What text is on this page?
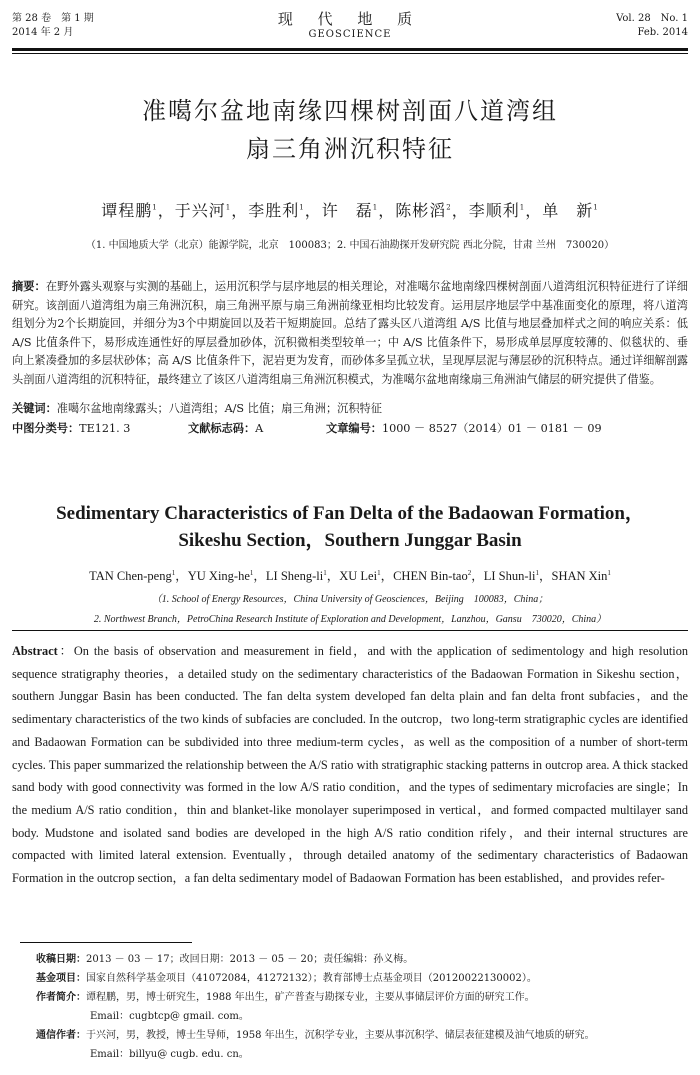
第 28 卷　第 1 期
2014 年 2 月
现 代 地 质
GEOSCIENCE
Vol. 28　No. 1
Feb. 2014
准噶尔盆地南缘四棵树剖面八道湾组
扇三角洲沉积特征
谭程鹏$^1$，于兴河$^1$，李胜利$^1$，许　磊$^1$，陈彬滔$^2$，李顺利$^1$，单　新$^1$
（1. 中国地质大学（北京）能源学院，北京　100083；2. 中国石油勘探开发研究院 西北分院，甘肃 兰州　730020）
摘要：在野外露头观察与实测的基础上，运用沉积学与层序地层的相关理论，对准噶尔盆地南缘四棵树剖面八道湾组沉积特征进行了详细研究。该剖面八道湾组为扇三角洲沉积，扇三角洲平原与扇三角洲前缘亚相均比较发育。运用层序地层学中基准面变化的原理，将八道湾组划分为2个长期旋回，并细分为3个中期旋回以及若干短期旋回。总结了露头区八道湾组 A/S 比值与地层叠加样式之间的响应关系：低 A/S 比值条件下，易形成连通性好的厚层叠加砂体，沉积微相类型较单一；中 A/S 比值条件下，易形成单层厚度较薄的、似毯状的、垂向上紧凑叠加的多层状砂体；高 A/S 比值条件下，泥岩更为发育，而砂体多呈孤立状，呈现厚层泥与薄层砂的沉积特点。通过详细解剖露头剖面八道湾组的沉积特征，最终建立了该区八道湾组扇三角洲沉积模式，为准噶尔盆地南缘扇三角洲油气储层的研究提供了借鉴。
关键词：准噶尔盆地南缘露头；八道湾组；A/S 比值；扇三角洲；沉积特征
中图分类号：TE121. 3	文献标志码：A	文章编号：1000 － 8527（2014）01 － 0181 － 09
Sedimentary Characteristics of Fan Delta of the Badaowan Formation，
Sikeshu Section，Southern Junggar Basin
TAN Chen-peng$^1$，YU Xing-$he^1$，LI Sheng-$li^1$，XU Lei$^1$，CHEN Bin-tao$^2$，LI Shun-$li^1$，SHAN Xin$^1$
（1. School of Energy Resources，China University of Geosciences，Beijing　100083，China；
2. Northwest Branch，PetroChina Research Institute of Exploration and Development，Lanzhou，Gansu　730020，China）
Abstract：On the basis of observation and measurement in field，and with the application of sedimentology and high resolution sequence stratigraphy theories，a detailed study on the sedimentary characteristics of the Badaowan Formation in Sikeshu section，southern Junggar Basin has been conducted. The fan delta system developed fan delta plain and fan delta front subfacies，and the sedimentary characteristics of the two kinds of subfacies are concluded. In the outcrop，two long-term stratigraphic cycles are identified and Badaowan Formation can be subdivided into three medium-term cycles，as well as the composition of a number of short-term cycles. This paper summarized the relationship between the A/S ratio with stratigraphic stacking patterns in outcrop area. A thick stacked sand body with good connectivity was formed in the low A/S ratio condition，and the types of sedimentary microfacies are single；In the medium A/S ratio condition，thin and blanket-like monolayer superimposed in vertical，and formed compacted multilayer sand body. Mudstone and isolated sand bodies are developed in the high A/S ratio condition rifely，and their internal structures are compacted with limited lateral extension. Eventually，through detailed anatomy of the sedimentary characteristics of Badaowan Formation in the outcrop section，a fan delta sedimentary model of Badaowan Formation has been established，and provides refer-
收稿日期： 2013 － 03 － 17；改回日期：2013 － 05 － 20；责任编辑：孙义梅。
基金项目： 国家自然科学基金项目（41072084，41272132）；教育部博士点基金项目（20120022130002）。
作者简介： 谭程鹏，男，博士研究生，1988 年出生，矿产普查与勘探专业，主要从事储层评价方面的研究工作。
Email：cugbtcp@ gmail. com。
通信作者： 于兴河，男，教授，博士生导师，1958 年出生，沉积学专业，主要从事沉积学、储层表征建模及油气地质的研究。
Email：billyu@ cugb. edu. cn。
